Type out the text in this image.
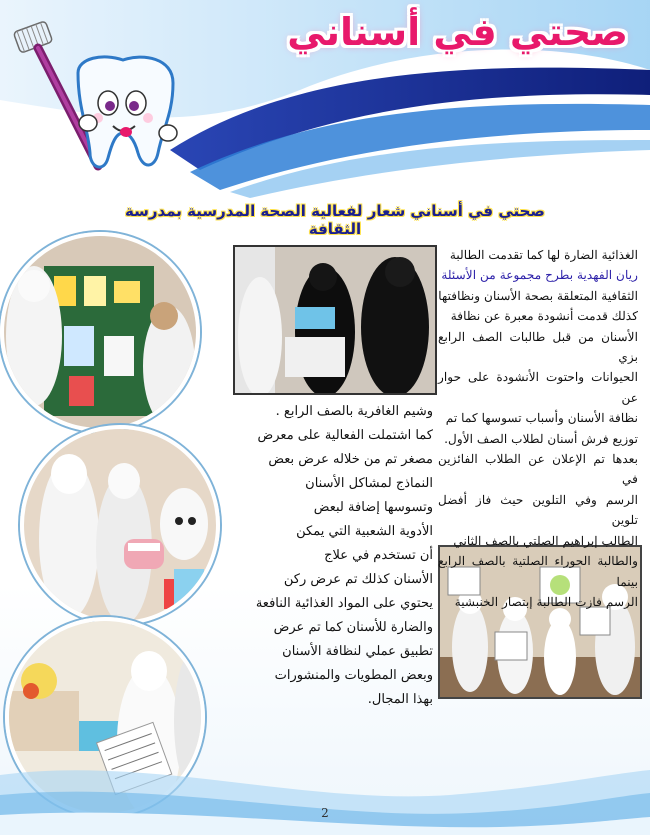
صحتي في أسناني
صحتي في أسناني شعار لفعالية الصحة المدرسية بمدرسة الثقافة
الغذائية الضارة لها كما تقدمت الطالبة
ريان الفهدية بطرح مجموعة من الأسئلة
الثقافية المتعلقة بصحة الأسنان ونظافتها
كذلك قدمت أنشودة معبرة عن نظافة
الأسنان من قبل طالبات الصف الرابع بزي
الحيوانات واحتوت الأنشودة على حوار عن
نظافة الأسنان وأسباب تسوسها كما تم
توزيع فرش أسنان لطلاب الصف الأول.
بعدها تم الإعلان عن الطلاب الفائزين في
الرسم وفي التلوين حيث فاز أفضل تلوين
الطالب إبراهيم الصلتي بالصف الثاني
والطالبة الحوراء الصلتية بالصف الرابع بينما
الرسم فازت الطالبة إبتصار الخنبشية
وشيم الغافرية بالصف الرابع .
كما اشتملت الفعالية على معرض
مصغر تم من خلاله عرض بعض
النماذج لمشاكل الأسنان
وتسوسها إضافة لبعض
الأدوية الشعبية التي يمكن
أن تستخدم في علاج
الأسنان كذلك تم عرض ركن
يحتوي على المواد الغذائية النافعة
والضارة للأسنان كما تم عرض
تطبيق عملي لنظافة الأسنان
وبعض المطويات والمنشورات
بهذا المجال.
2
